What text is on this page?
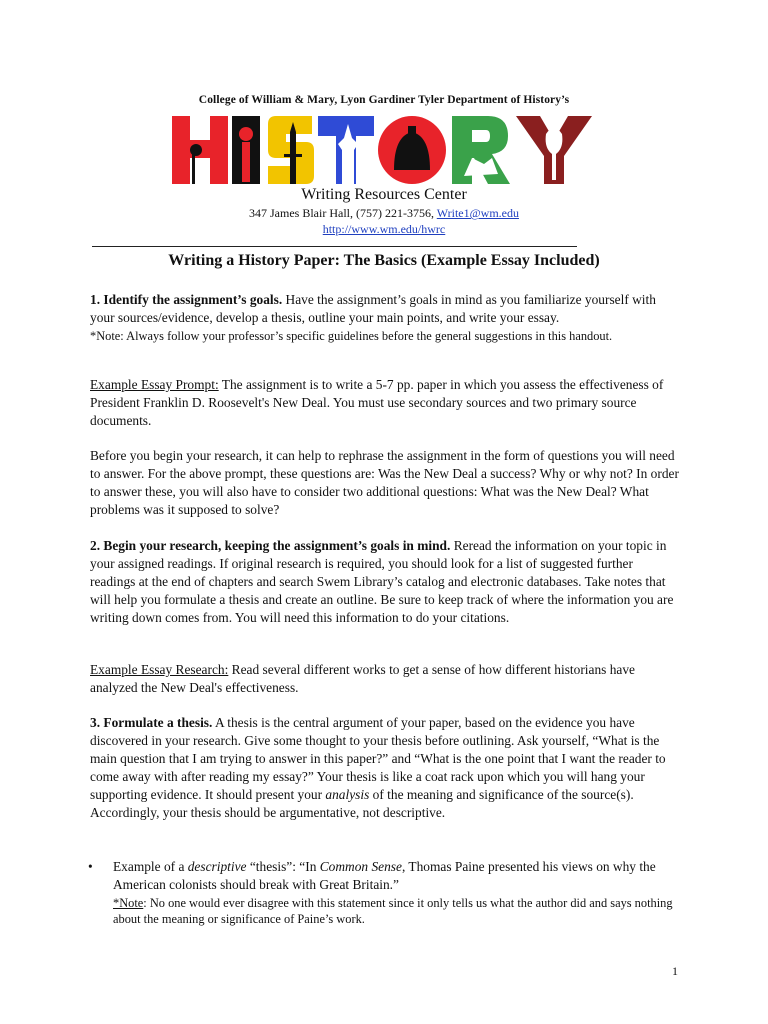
College of William & Mary, Lyon Gardiner Tyler Department of History’s
Writing Resources Center
347 James Blair Hall, (757) 221-3756, Write1@wm.edu
http://www.wm.edu/hwrc
Writing a History Paper: The Basics (Example Essay Included)
1. Identify the assignment’s goals. Have the assignment’s goals in mind as you familiarize yourself with your sources/evidence, develop a thesis, outline your main points, and write your essay.
*Note: Always follow your professor’s specific guidelines before the general suggestions in this handout.
Example Essay Prompt: The assignment is to write a 5-7 pp. paper in which you assess the effectiveness of President Franklin D. Roosevelt's New Deal. You must use secondary sources and two primary source documents.
Before you begin your research, it can help to rephrase the assignment in the form of questions you will need to answer. For the above prompt, these questions are: Was the New Deal a success? Why or why not? In order to answer these, you will also have to consider two additional questions: What was the New Deal? What problems was it supposed to solve?
2. Begin your research, keeping the assignment’s goals in mind. Reread the information on your topic in your assigned readings. If original research is required, you should look for a list of suggested further readings at the end of chapters and search Swem Library’s catalog and electronic databases. Take notes that will help you formulate a thesis and create an outline. Be sure to keep track of where the information you are writing down comes from. You will need this information to do your citations.
Example Essay Research: Read several different works to get a sense of how different historians have analyzed the New Deal's effectiveness.
3. Formulate a thesis. A thesis is the central argument of your paper, based on the evidence you have discovered in your research. Give some thought to your thesis before outlining. Ask yourself, “What is the main question that I am trying to answer in this paper?” and “What is the one point that I want the reader to come away with after reading my essay?” Your thesis is like a coat rack upon which you will hang your supporting evidence. It should present your analysis of the meaning and significance of the source(s). Accordingly, your thesis should be argumentative, not descriptive.
• Example of a descriptive “thesis”: “In Common Sense, Thomas Paine presented his views on why the American colonists should break with Great Britain.”
*Note: No one would ever disagree with this statement since it only tells us what the author did and says nothing about the meaning or significance of Paine’s work.
1
